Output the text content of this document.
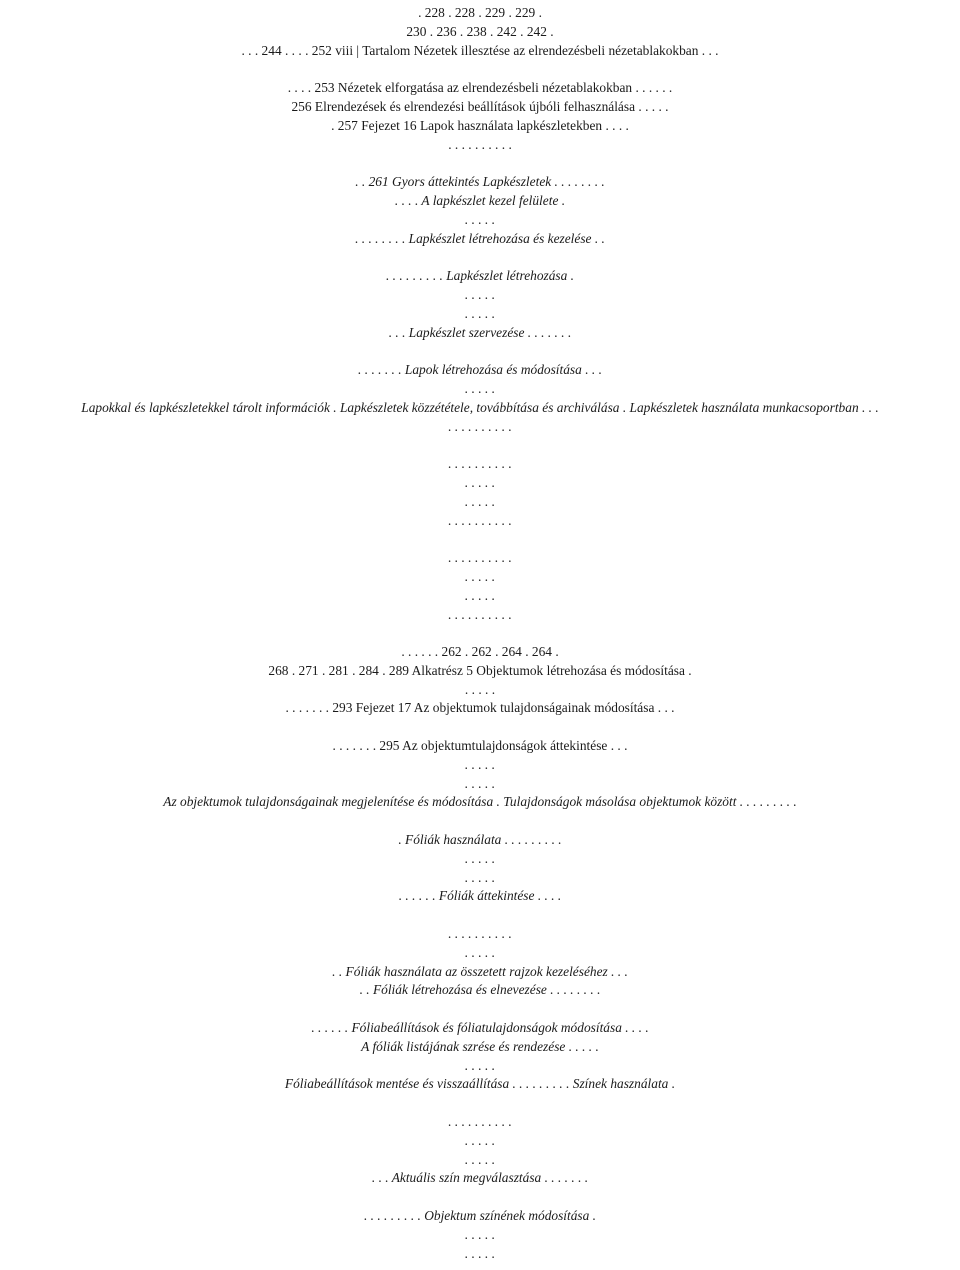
. 228 . 228 . 229 . 229 .
230 . 236 . 238 . 242 . 242 .
. . . 244 . . . . 252 viii | Tartalom Nézetek illesztése az elrendezésbeli nézetablakokban . . .
. . . . 253 Nézetek elforgatása az elrendezésbeli nézetablakokban . . . . . .
256 Elrendezések és elrendezési beállítások újbóli felhasználása . . . . .
. 257 Fejezet 16 Lapok használata lapkészletekben . . . .
. . . . . . . . . .
. . 261 Gyors áttekintés Lapkészletek . . . . . . . .
. . . . A lapkészlet kezel felülete .
. . . . .
. . . . . . . . Lapkészlet létrehozása és kezelése . .
. . . . . . . . . Lapkészlet létrehozása .
. . . . .
. . . . .
. . . Lapkészlet szervezése . . . . . . .
. . . . . . . Lapok létrehozása és módosítása . . .
. . . . .
Lapokkal és lapkészletekkel tárolt információk . Lapkészletek közzététele, továbbítása és archiválása . Lapkészletek használata munkacsoportban . . .
. . . . . . . . . .
. . . . . . . . . .
. . . . .
. . . . .
. . . . . . . . . .
. . . . . . . . . .
. . . . .
. . . . .
. . . . . . . . . .
. . . . . . 262 . 262 . 264 . 264 .
268 . 271 . 281 . 284 . 289 Alkatrész 5 Objektumok létrehozása és módosítása .
. . . . .
. . . . . . . 293 Fejezet 17 Az objektumok tulajdonságainak módosítása . . .
. . . . . . . 295 Az objektumtulajdonságok áttekintése . . .
. . . . .
. . . . .
Az objektumok tulajdonságainak megjelenítése és módosítása . Tulajdonságok másolása objektumok között . . . . . . . . .
. Fóliák használata . . . . . . . . .
. . . . .
. . . . .
. . . . . . Fóliák áttekintése . . . .
. . . . . . . . . .
. . . . .
. . Fóliák használata az összetett rajzok kezeléséhez . . .
. . Fóliák létrehozása és elnevezése . . . . . . . .
. . . . . . Fóliabeállítások és fóliatulajdonságok módosítása . . . .
A fóliák listájának szrése és rendezése . . . . .
. . . . .
Fóliabeállítások mentése és visszaállítása . . . . . . . . . Színek használata .
. . . . . . . . . .
. . . . .
. . . . .
. . . Aktuális szín megválasztása . . . . . . .
. . . . . . . . . Objektum színének módosítása .
. . . . .
. . . . .
